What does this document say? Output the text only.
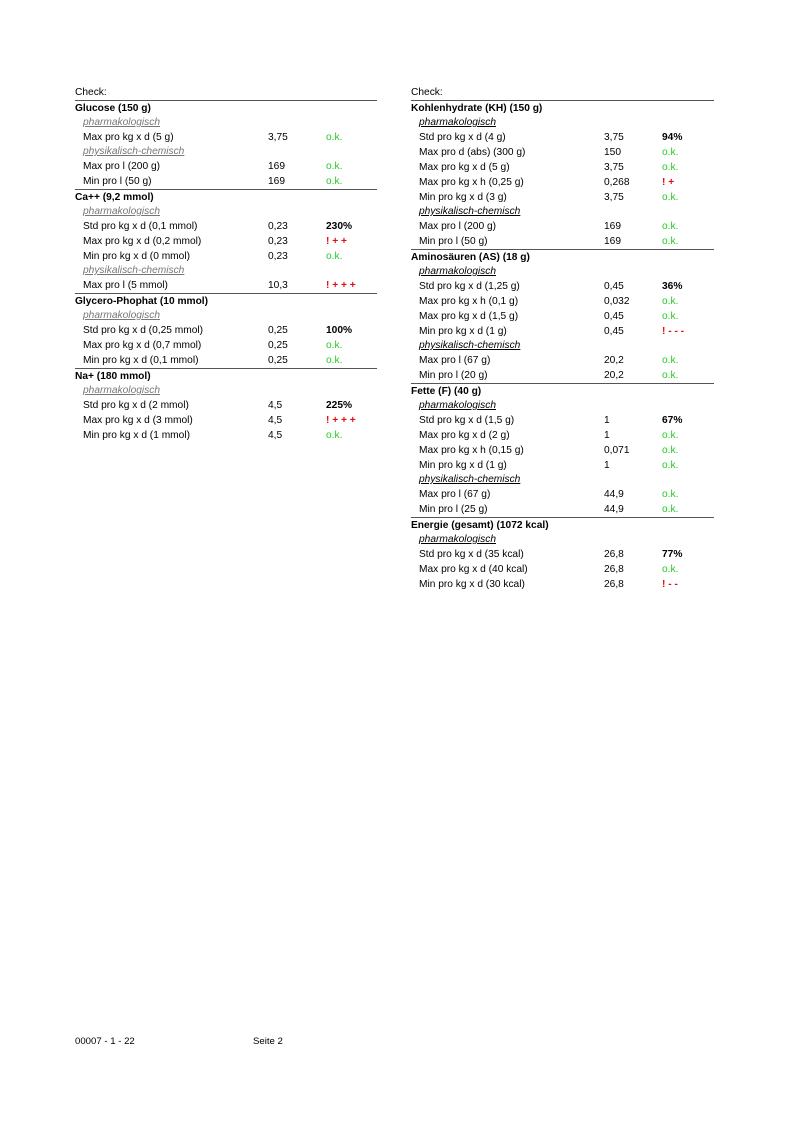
Check:
Glucose (150 g)
pharmakologisch
Max pro kg x d (5 g)	3,75	o.k.
physikalisch-chemisch
Max pro l (200 g)	169	o.k.
Min pro l (50 g)	169	o.k.
Ca++ (9,2 mmol)
pharmakologisch
Std pro kg x d (0,1 mmol)	0,23	230%
Max pro kg x d (0,2 mmol)	0,23	! + +
Min pro kg x d (0 mmol)	0,23	o.k.
physikalisch-chemisch
Max pro l (5 mmol)	10,3	! + + +
Glycero-Phophat (10 mmol)
pharmakologisch
Std pro kg x d (0,25 mmol)	0,25	100%
Max pro kg x d (0,7 mmol)	0,25	o.k.
Min pro kg x d (0,1 mmol)	0,25	o.k.
Na+ (180 mmol)
pharmakologisch
Std pro kg x d (2 mmol)	4,5	225%
Max pro kg x d (3 mmol)	4,5	! + + +
Min pro kg x d (1 mmol)	4,5	o.k.
Check:
Kohlenhydrate (KH) (150 g)
pharmakologisch
Std pro kg x d (4 g)	3,75	94%
Max pro d (abs) (300 g)	150	o.k.
Max pro kg x d (5 g)	3,75	o.k.
Max pro kg x h (0,25 g)	0,268	! +
Min pro kg x d (3 g)	3,75	o.k.
physikalisch-chemisch
Max pro l (200 g)	169	o.k.
Min pro l (50 g)	169	o.k.
Aminosäuren (AS) (18 g)
pharmakologisch
Std pro kg x d (1,25 g)	0,45	36%
Max pro kg x h (0,1 g)	0,032	o.k.
Max pro kg x d (1,5 g)	0,45	o.k.
Min pro kg x d (1 g)	0,45	! - - -
physikalisch-chemisch
Max pro l (67 g)	20,2	o.k.
Min pro l (20 g)	20,2	o.k.
Fette (F) (40 g)
pharmakologisch
Std pro kg x d (1,5 g)	1	67%
Max pro kg x d (2 g)	1	o.k.
Max pro kg x h (0,15 g)	0,071	o.k.
Min pro kg x d (1 g)	1	o.k.
physikalisch-chemisch
Max pro l (67 g)	44,9	o.k.
Min pro l (25 g)	44,9	o.k.
Energie (gesamt) (1072 kcal)
pharmakologisch
Std pro kg x d (35 kcal)	26,8	77%
Max pro kg x d (40 kcal)	26,8	o.k.
Min pro kg x d (30 kcal)	26,8	! - -
00007 - 1 - 22	Seite 2
